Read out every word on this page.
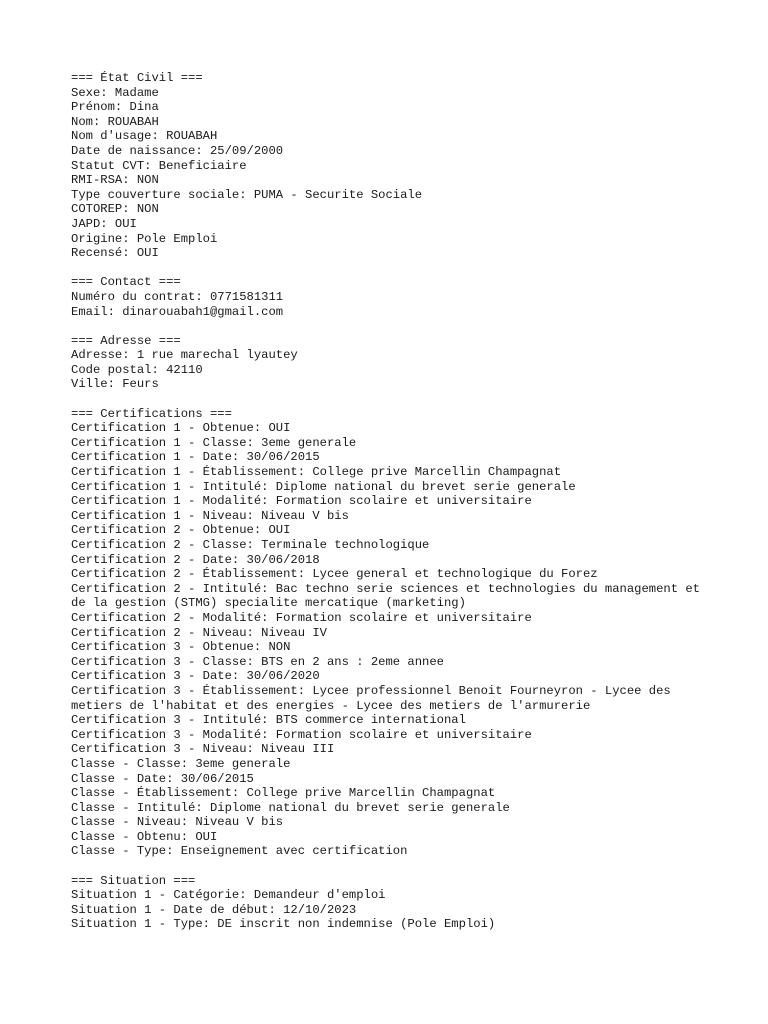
=== État Civil ===
Sexe: Madame
Prénom: Dina
Nom: ROUABAH
Nom d'usage: ROUABAH
Date de naissance: 25/09/2000
Statut CVT: Beneficiaire
RMI-RSA: NON
Type couverture sociale: PUMA - Securite Sociale
COTOREP: NON
JAPD: OUI
Origine: Pole Emploi
Recensé: OUI
=== Contact ===
Numéro du contrat: 0771581311
Email: dinarouabah1@gmail.com
=== Adresse ===
Adresse: 1 rue marechal lyautey
Code postal: 42110
Ville: Feurs
=== Certifications ===
Certification 1 - Obtenue: OUI
Certification 1 - Classe: 3eme generale
Certification 1 - Date: 30/06/2015
Certification 1 - Établissement: College prive Marcellin Champagnat
Certification 1 - Intitulé: Diplome national du brevet serie generale
Certification 1 - Modalité: Formation scolaire et universitaire
Certification 1 - Niveau: Niveau V bis
Certification 2 - Obtenue: OUI
Certification 2 - Classe: Terminale technologique
Certification 2 - Date: 30/06/2018
Certification 2 - Établissement: Lycee general et technologique du Forez
Certification 2 - Intitulé: Bac techno serie sciences et technologies du management et de la gestion (STMG) specialite mercatique (marketing)
Certification 2 - Modalité: Formation scolaire et universitaire
Certification 2 - Niveau: Niveau IV
Certification 3 - Obtenue: NON
Certification 3 - Classe: BTS en 2 ans : 2eme annee
Certification 3 - Date: 30/06/2020
Certification 3 - Établissement: Lycee professionnel Benoit Fourneyron - Lycee des metiers de l'habitat et des energies - Lycee des metiers de l'armurerie
Certification 3 - Intitulé: BTS commerce international
Certification 3 - Modalité: Formation scolaire et universitaire
Certification 3 - Niveau: Niveau III
Classe - Classe: 3eme generale
Classe - Date: 30/06/2015
Classe - Établissement: College prive Marcellin Champagnat
Classe - Intitulé: Diplome national du brevet serie generale
Classe - Niveau: Niveau V bis
Classe - Obtenu: OUI
Classe - Type: Enseignement avec certification
=== Situation ===
Situation 1 - Catégorie: Demandeur d'emploi
Situation 1 - Date de début: 12/10/2023
Situation 1 - Type: DE inscrit non indemnise (Pole Emploi)
